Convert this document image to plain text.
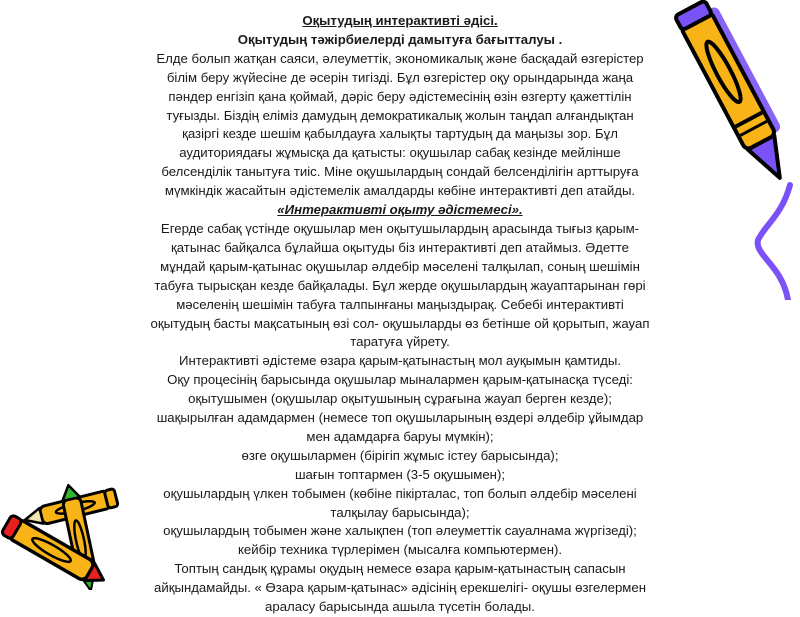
Оқытудың интерактивті әдісі.

Оқытудың тәжірбиелерді дамытуға бағытталуы .

Елде болып жатқан саяси, әлеуметтік, экономикалық және басқадай өзгерістер

білім беру жүйесіне де әсерін тигізді. Бұл өзгерістер оқу орындарында жаңа

пәндер енгізіп қана қоймай, дәріс беру әдістемесінің өзін өзгерту қажеттілін

туғызды. Біздің еліміз дамудың демократикалық жолын таңдап алғандықтан

қазіргі кезде шешім қабылдауға халықты тартудың да маңызы зор. Бұл

аудиториядағы жұмысқа да қатысты: оқушылар сабақ кезінде мейлінше

белсенділік танытуға тиіс. Міне оқушылардың сондай белсенділігін арттыруға

мүмкіндік жасайтын әдістемелік амалдарды көбіне интерактивті деп атайды.

«Интерактивті оқыту әдістемесі».

Егерде сабақ үстінде оқушылар мен оқытушылардың арасында тығыз қарым-

қатынас байқалса бұлайша оқытуды біз интерактивті деп атаймыз. Әдетте

мұндай қарым-қатынас оқушылар әлдебір мәселені талқылап, соның шешімін

табуға тырысқан кезде байқалады. Бұл жерде оқушылардың жауаптарынан гөрі

мәселенің шешімін табуға талпынғаны маңыздырақ. Себебі интерактивті

оқытудың басты мақсатының өзі сол- оқушыларды өз бетінше ой қорытып, жауап

таратуға үйрету.

Интерактивті әдістеме өзара қарым-қатынастың мол ауқымын қамтиды.

Оқу процесінің барысында оқушылар мыналармен қарым-қатынасқа түседі:

оқытушымен (оқушылар оқытушының сұрағына жауап берген кезде);

шақырылған адамдармен (немесе топ оқушыларының өздері әлдебір ұйымдар

мен адамдарға баруы мүмкін);

өзге оқушылармен (бірігіп жұмыс істеу барысында);

шағын топтармен (3-5 оқушымен);

оқушылардың үлкен тобымен (көбіне пікірталас, топ болып әлдебір мәселені

талқылау барысында);

оқушылардың тобымен және халықпен (топ әлеуметтік сауалнама жүргізеді);

кейбір техника түрлерімен (мысалға компьютермен).

Топтың сандық құрамы оқудың немесе өзара қарым-қатынастың сапасын

айқындамайды. « Өзара қарым-қатынас» әдісінің ерекшелігі- оқушы өзгелермен

араласу барысында ашыла түсетін болады.
